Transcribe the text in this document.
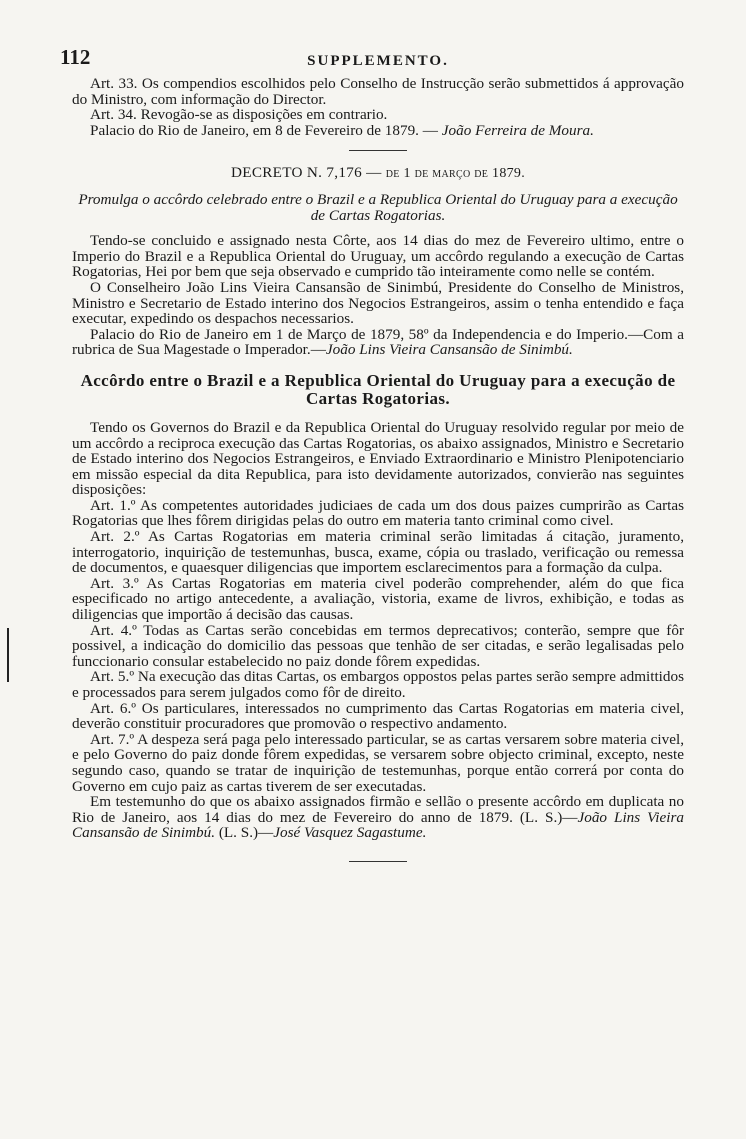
112	SUPPLEMENTO.

Art. 33. Os compendios escolhidos pelo Conselho de Instrucção serão submettidos á approvação do Ministro, com informação do Director.

Art. 34. Revogão-se as disposições em contrario.

Palacio do Rio de Janeiro, em 8 de Fevereiro de 1879. — João Ferreira de Moura.

DECRETO N. 7,176 — de 1 de março de 1879.

Promulga o accôrdo celebrado entre o Brazil e a Republica Oriental do Uruguay para a execução de Cartas Rogatorias.

Tendo-se concluido e assignado nesta Côrte, aos 14 dias do mez de Fevereiro ultimo, entre o Imperio do Brazil e a Republica Oriental do Uruguay, um accôrdo regulando a execução de Cartas Rogatorias, Hei por bem que seja observado e cumprido tão inteiramente como nelle se contém.

O Conselheiro João Lins Vieira Cansansão de Sinimbú, Presidente do Conselho de Ministros, Ministro e Secretario de Estado interino dos Negocios Estrangeiros, assim o tenha entendido e faça executar, expedindo os despachos necessarios.

Palacio do Rio de Janeiro em 1 de Março de 1879, 58º da Independencia e do Imperio.—Com a rubrica de Sua Magestade o Imperador.—João Lins Vieira Cansansão de Sinimbú.

Accôrdo entre o Brazil e a Republica Oriental do Uruguay para a execução de Cartas Rogatorias.

Tendo os Governos do Brazil e da Republica Oriental do Uruguay resolvido regular por meio de um accôrdo a reciproca execução das Cartas Rogatorias, os abaixo assignados, Ministro e Secretario de Estado interino dos Negocios Estrangeiros, e Enviado Extraordinario e Ministro Plenipotenciario em missão especial da dita Republica, para isto devidamente autorizados, convierão nas seguintes disposições:

Art. 1.º As competentes autoridades judiciaes de cada um dos dous paizes cumprirão as Cartas Rogatorias que lhes fôrem dirigidas pelas do outro em materia tanto criminal como civel.

Art. 2.º As Cartas Rogatorias em materia criminal serão limitadas á citação, juramento, interrogatorio, inquirição de testemunhas, busca, exame, cópia ou traslado, verificação ou remessa de documentos, e quaesquer diligencias que importem esclarecimentos para a formação da culpa.

Art. 3.º As Cartas Rogatorias em materia civel poderão comprehender, além do que fica especificado no artigo antecedente, a avaliação, vistoria, exame de livros, exhibição, e todas as diligencias que importão á decisão das causas.

Art. 4.º Todas as Cartas serão concebidas em termos deprecativos; conterão, sempre que fôr possivel, a indicação do domicilio das pessoas que tenhão de ser citadas, e serão legalisadas pelo funccionario consular estabelecido no paiz donde fôrem expedidas.

Art. 5.º Na execução das ditas Cartas, os embargos oppostos pelas partes serão sempre admittidos e processados para serem julgados como fôr de direito.

Art. 6.º Os particulares, interessados no cumprimento das Cartas Rogatorias em materia civel, deverão constituir procuradores que promovão o respectivo andamento.

Art. 7.º A despeza será paga pelo interessado particular, se as cartas versarem sobre materia civel, e pelo Governo do paiz donde fôrem expedidas, se versarem sobre objecto criminal, excepto, neste segundo caso, quando se tratar de inquirição de testemunhas, porque então correrá por conta do Governo em cujo paiz as cartas tiverem de ser executadas.

Em testemunho do que os abaixo assignados firmão e sellão o presente accôrdo em duplicata no Rio de Janeiro, aos 14 dias do mez de Fevereiro do anno de 1879. (L. S.)—João Lins Vieira Cansansão de Sinimbú. (L. S.)—José Vasquez Sagastume.
